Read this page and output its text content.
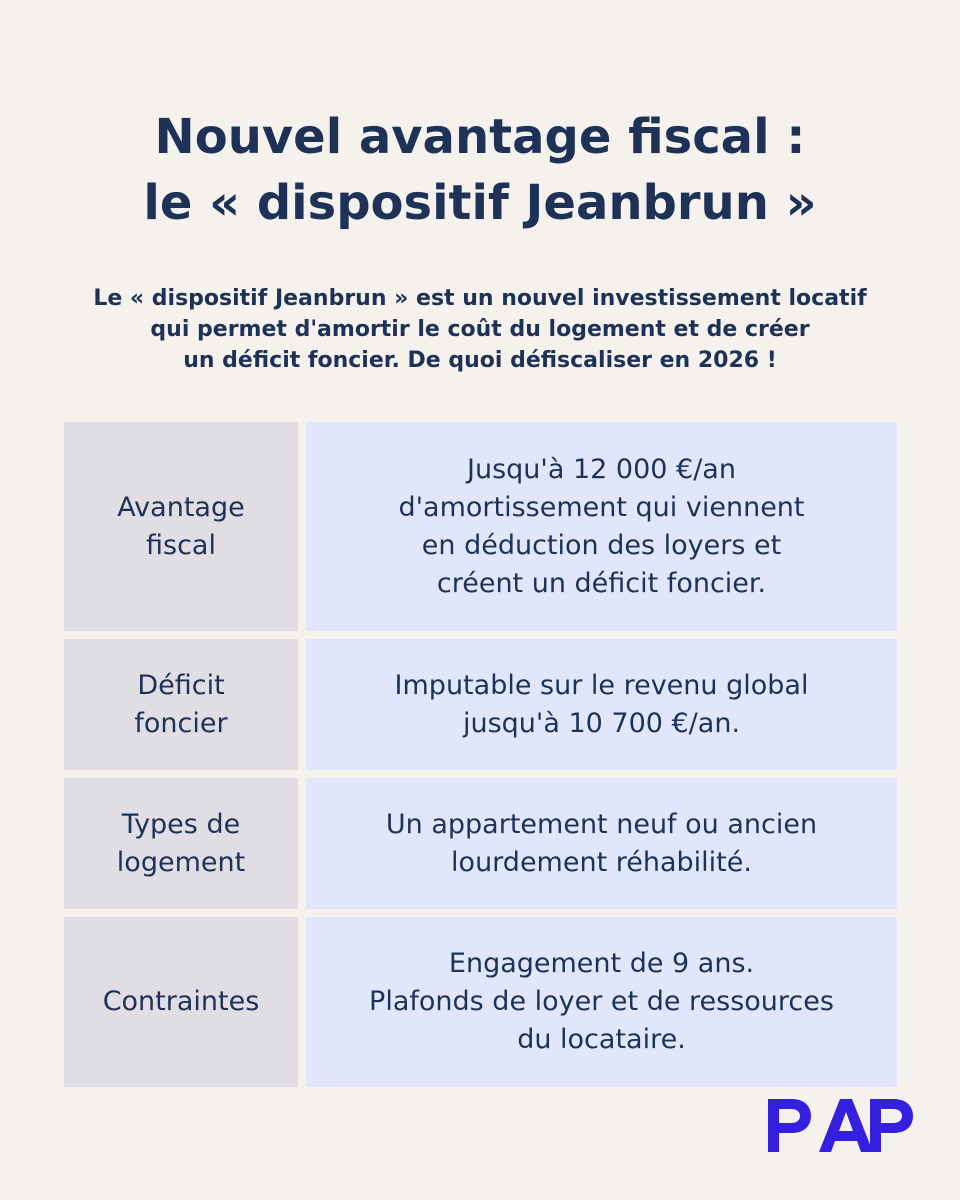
Nouvel avantage fiscal :
le « dispositif Jeanbrun »
Le « dispositif Jeanbrun » est un nouvel investissement locatif
qui permet d'amortir le coût du logement et de créer
un déficit foncier. De quoi défiscaliser en 2026 !
Avantage
fiscal
Jusqu'à 12 000 €/an
d'amortissement qui viennent
en déduction des loyers et
créent un déficit foncier.
Déficit
foncier
Imputable sur le revenu global
jusqu'à 10 700 €/an.
Types de
logement
Un appartement neuf ou ancien
lourdement réhabilité.
Contraintes
Engagement de 9 ans.
Plafonds de loyer et de ressources
du locataire.
